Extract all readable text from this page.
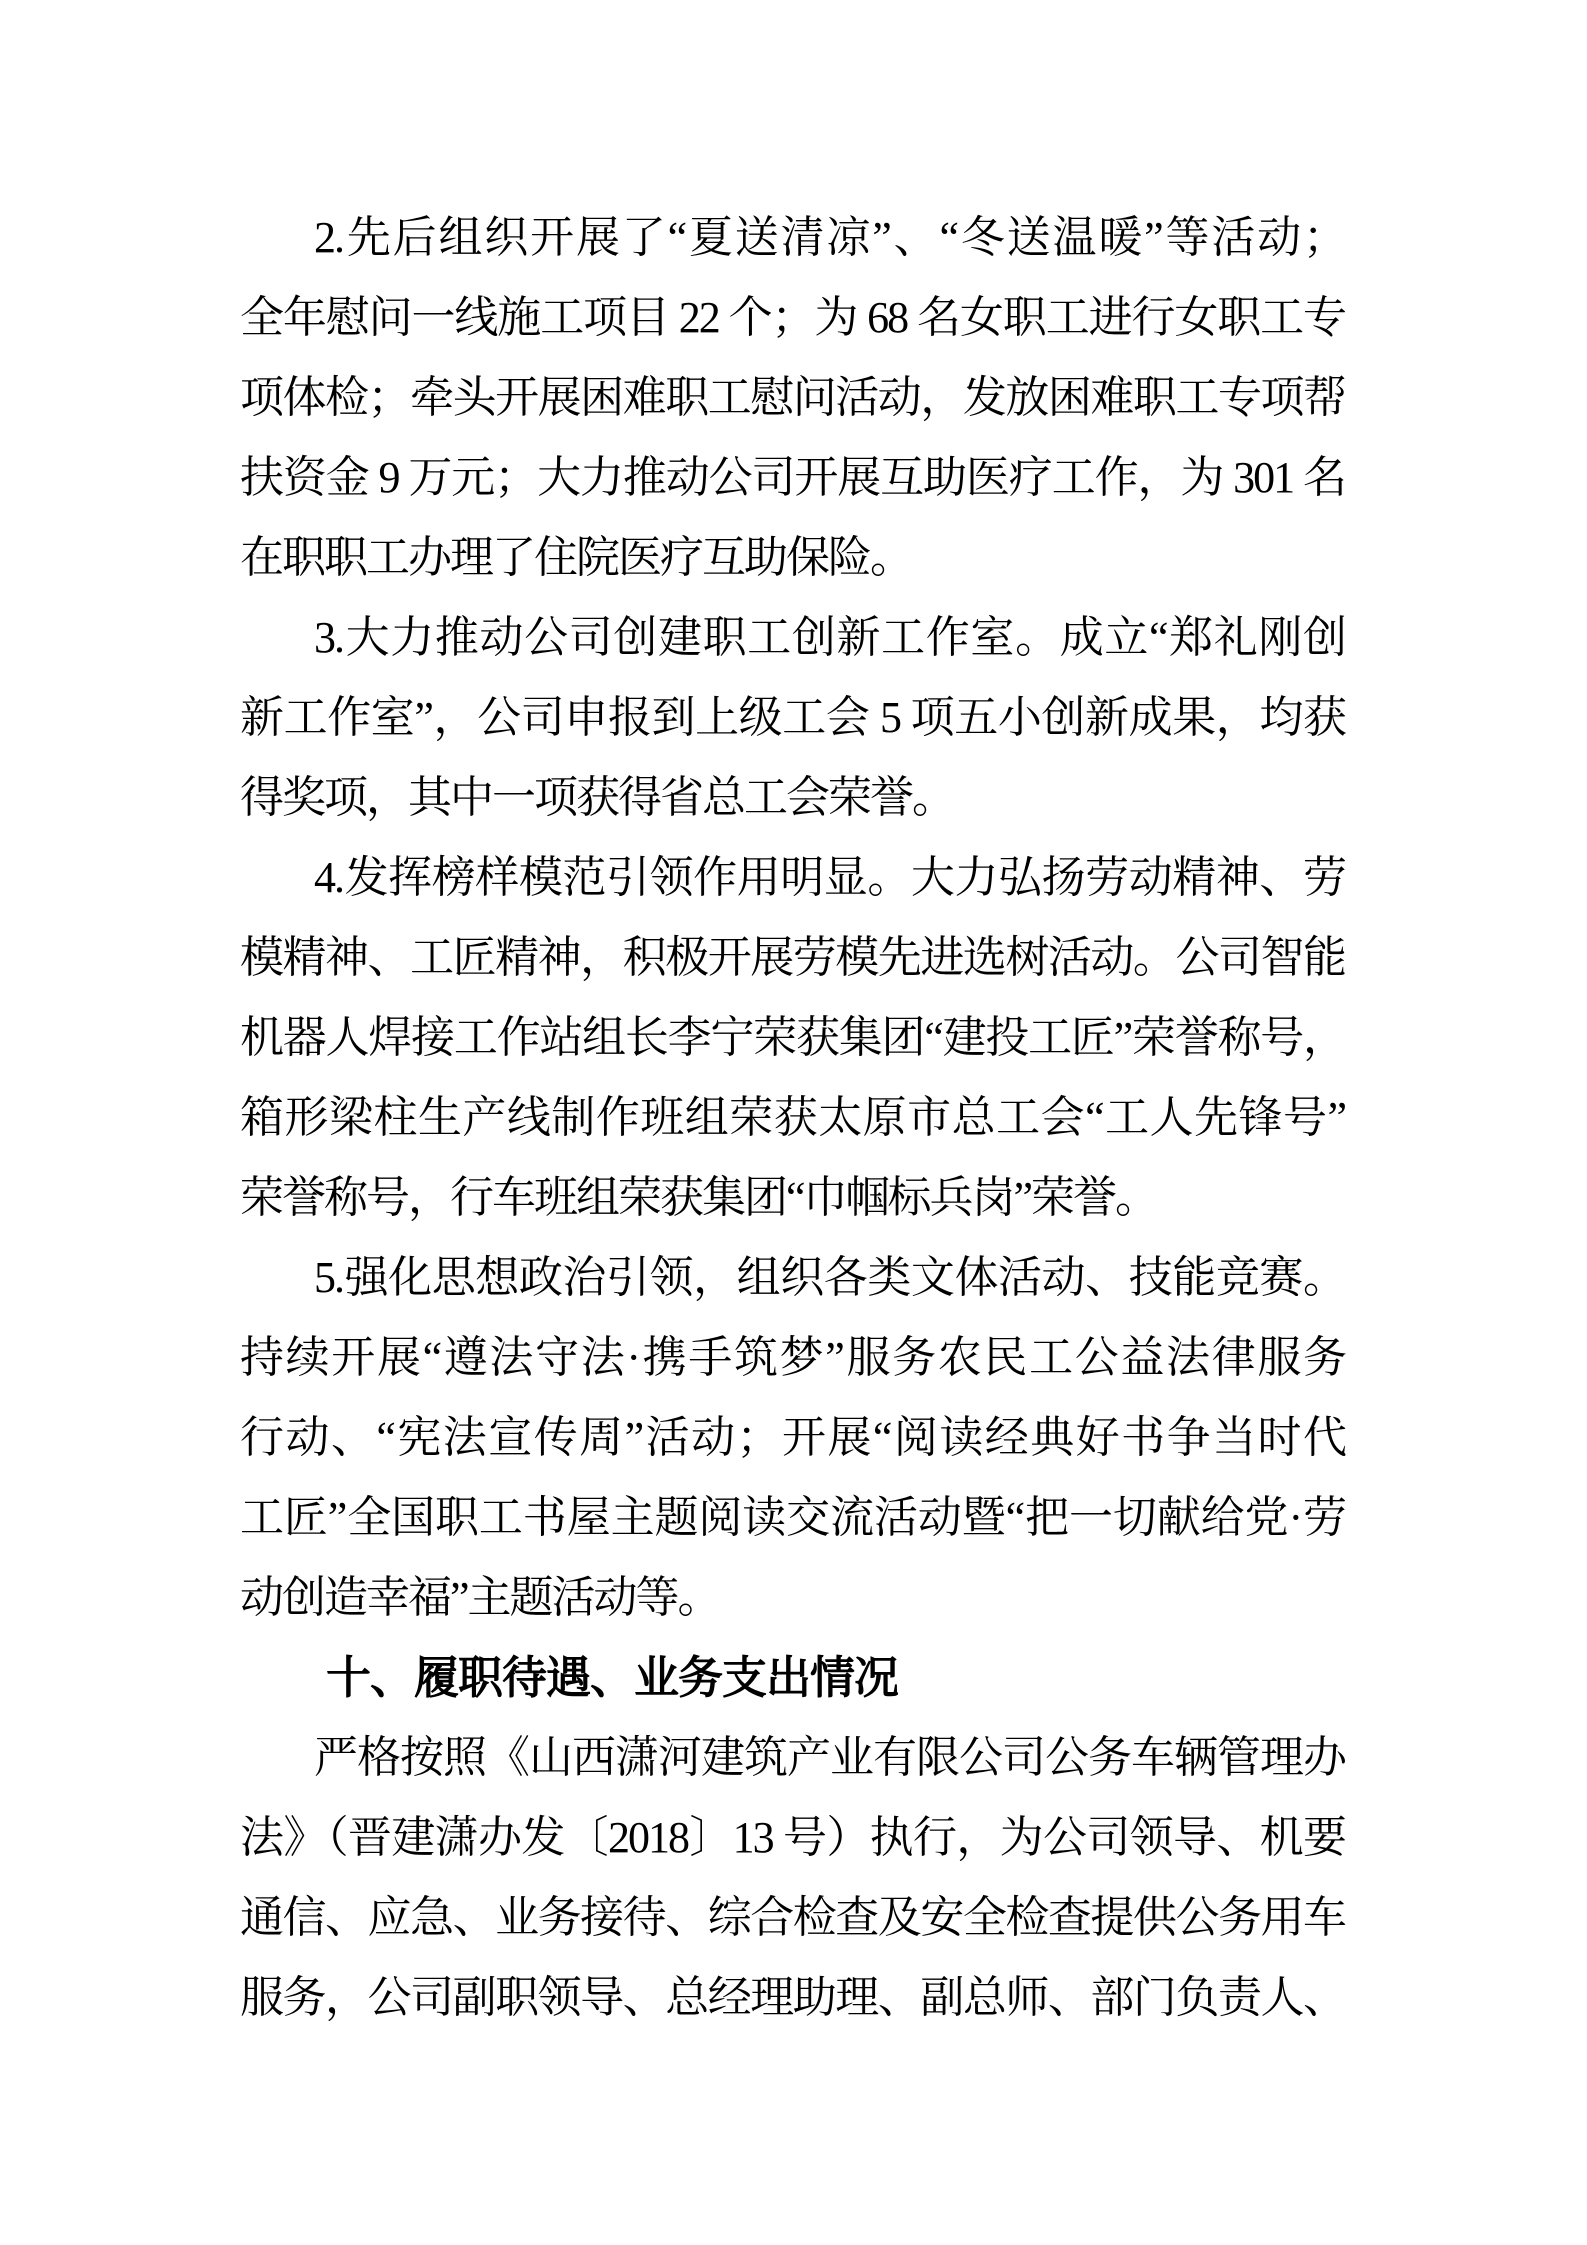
2.先后组织开展了“夏送清凉”、“冬送温暖”等活动；
全年慰问一线施工项目 22 个；为 68 名女职工进行女职工专
项体检；牵头开展困难职工慰问活动，发放困难职工专项帮
扶资金 9 万元；大力推动公司开展互助医疗工作，为 301 名
在职职工办理了住院医疗互助保险。
3.大力推动公司创建职工创新工作室。成立“郑礼刚创
新工作室”，公司申报到上级工会 5 项五小创新成果，均获
得奖项，其中一项获得省总工会荣誉。
4.发挥榜样模范引领作用明显。大力弘扬劳动精神、劳
模精神、工匠精神，积极开展劳模先进选树活动。公司智能
机器人焊接工作站组长李宁荣获集团“建投工匠”荣誉称号，
箱形梁柱生产线制作班组荣获太原市总工会“工人先锋号”
荣誉称号，行车班组荣获集团“巾帼标兵岗”荣誉。
5.强化思想政治引领，组织各类文体活动、技能竞赛。
持续开展“遵法守法·携手筑梦”服务农民工公益法律服务
行动、“宪法宣传周”活动；开展“阅读经典好书争当时代
工匠”全国职工书屋主题阅读交流活动暨“把一切献给党·劳
动创造幸福”主题活动等。
十、履职待遇、业务支出情况
严格按照《山西潇河建筑产业有限公司公务车辆管理办
法》（晋建潇办发〔2018〕13 号）执行，为公司领导、机要
通信、应急、业务接待、综合检查及安全检查提供公务用车
服务，公司副职领导、总经理助理、副总师、部门负责人、
